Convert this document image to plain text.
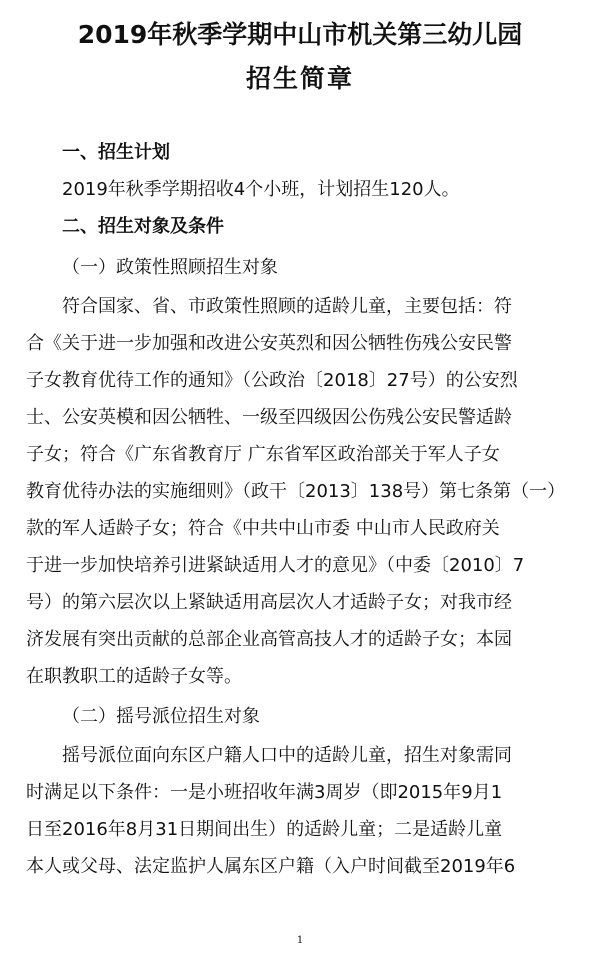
2019年秋季学期中山市机关第三幼儿园
招生简章
一、招生计划
2019年秋季学期招收4个小班，计划招生120人。
二、招生对象及条件
（一）政策性照顾招生对象
符合国家、省、市政策性照顾的适龄儿童，主要包括：符
合《关于进一步加强和改进公安英烈和因公牺牲伤残公安民警
子女教育优待工作的通知》（公政治〔2018〕27号）的公安烈
士、公安英模和因公牺牲、一级至四级因公伤残公安民警适龄
子女；符合《广东省教育厅 广东省军区政治部关于军人子女
教育优待办法的实施细则》（政干〔2013〕138号）第七条第（一）
款的军人适龄子女；符合《中共中山市委 中山市人民政府关
于进一步加快培养引进紧缺适用人才的意见》（中委〔2010〕7
号）的第六层次以上紧缺适用高层次人才适龄子女；对我市经
济发展有突出贡献的总部企业高管高技人才的适龄子女；本园
在职教职工的适龄子女等。
（二）摇号派位招生对象
摇号派位面向东区户籍人口中的适龄儿童，招生对象需同
时满足以下条件：一是小班招收年满3周岁（即2015年9月1
日至2016年8月31日期间出生）的适龄儿童；二是适龄儿童
本人或父母、法定监护人属东区户籍（入户时间截至2019年6
1
